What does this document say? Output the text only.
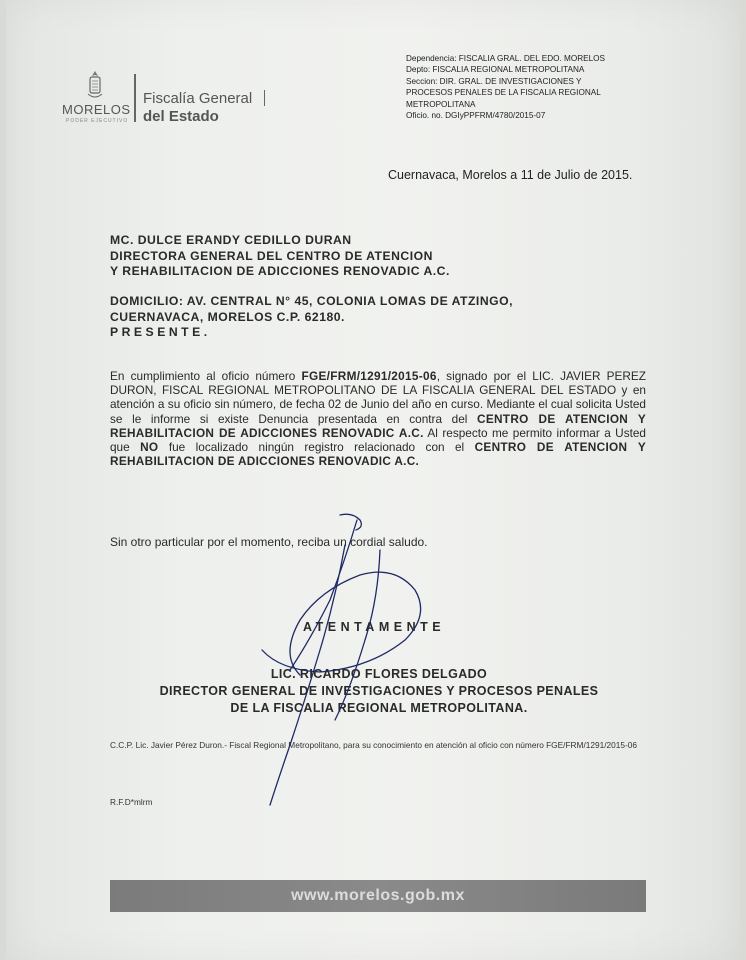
MORELOS
PODER EJECUTIVO
Fiscalía General
del Estado
Dependencia: FISCALIA GRAL. DEL EDO. MORELOS
Depto: FISCALIA REGIONAL METROPOLITANA
Seccion: DIR. GRAL. DE INVESTIGACIONES Y
PROCESOS PENALES DE LA FISCALIA REGIONAL
METROPOLITANA
Oficio. no. DGIyPPFRM/4780/2015-07
Cuernavaca, Morelos a 11 de Julio de 2015.
MC. DULCE ERANDY CEDILLO DURAN
DIRECTORA GENERAL DEL CENTRO DE ATENCION
Y REHABILITACION DE ADICCIONES RENOVADIC A.C.
DOMICILIO: AV. CENTRAL N° 45, COLONIA LOMAS DE ATZINGO,
CUERNAVACA, MORELOS C.P. 62180.
PRESENTE.
En cumplimiento al oficio número FGE/FRM/1291/2015-06, signado por el LIC. JAVIER PEREZ DURON, FISCAL REGIONAL METROPOLITANO DE LA FISCALIA GENERAL DEL ESTADO y en atención a su oficio sin número, de fecha 02 de Junio del año en curso. Mediante el cual solicita Usted se le informe si existe Denuncia presentada en contra del CENTRO DE ATENCION Y REHABILITACION DE ADICCIONES RENOVADIC A.C. Al respecto me permito informar a Usted que NO fue localizado ningún registro relacionado con el CENTRO DE ATENCION Y REHABILITACION DE ADICCIONES RENOVADIC A.C.
Sin otro particular por el momento, reciba un cordial saludo.
ATENTAMENTE
LIC. RICARDO FLORES DELGADO
DIRECTOR GENERAL DE INVESTIGACIONES Y PROCESOS PENALES
DE LA FISCALIA REGIONAL METROPOLITANA.
C.C.P. Lic. Javier Pérez Duron.- Fiscal Regional Metropolitano, para su conocimiento en atención al oficio con número FGE/FRM/1291/2015-06
R.F.D*mlrm
www.morelos.gob.mx
